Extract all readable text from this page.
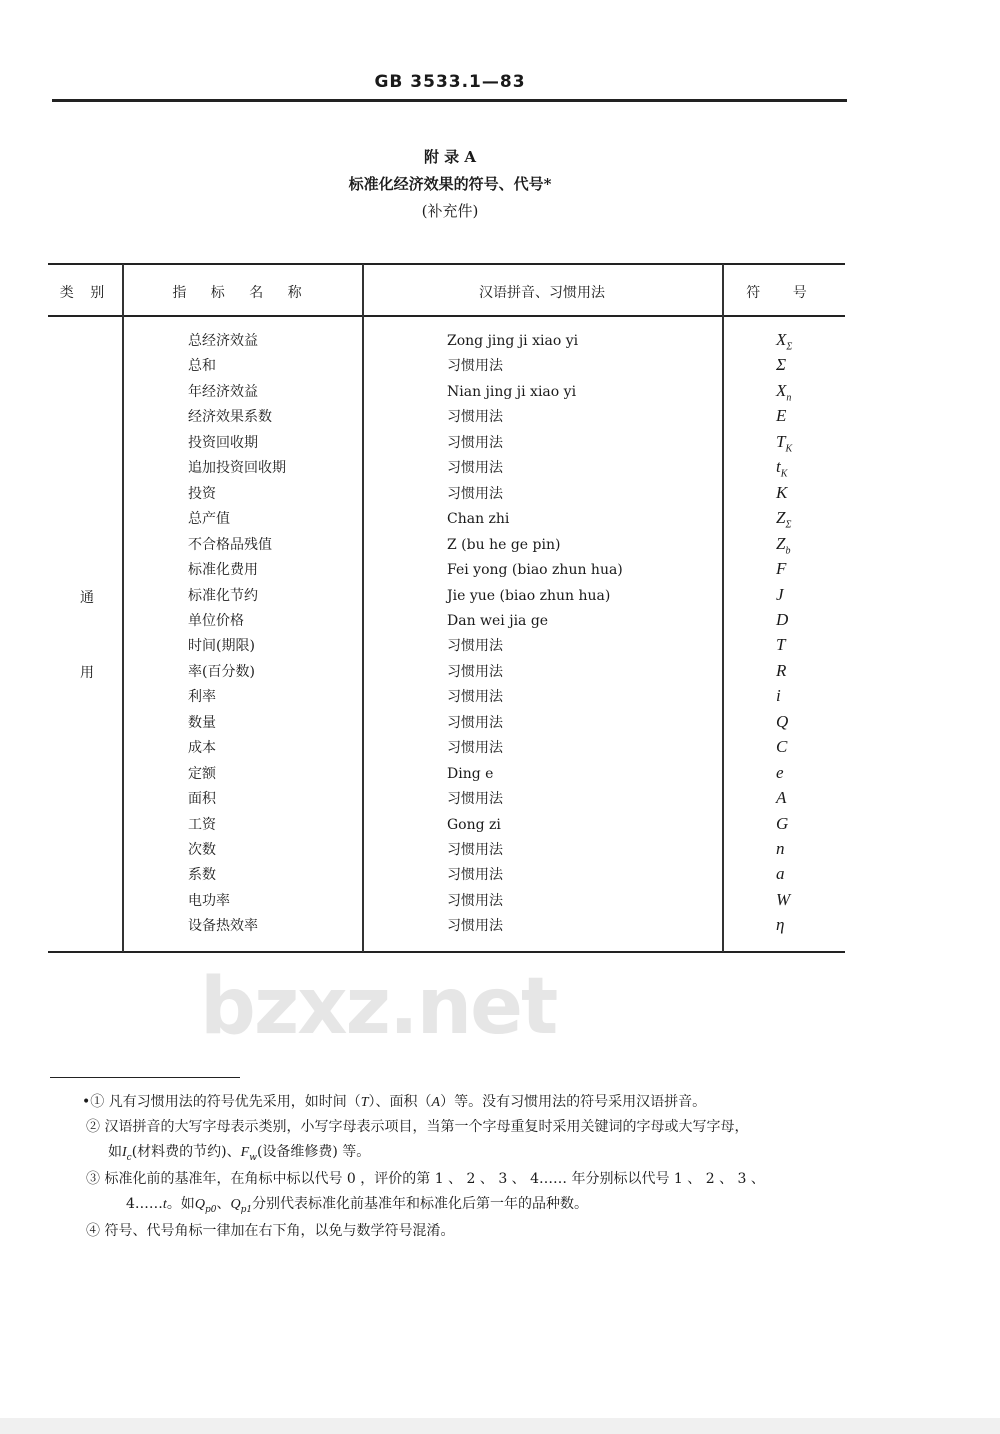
GB 3533.1—83
bzxz.net
附 录 A
标准化经济效果的符号、代号*
(补充件)
类 别	指 标 名 称	汉语拼音、习惯用法	符 号
通
用
总经济效益	Zong jing ji xiao yi	$X_\Sigma$
总和	习惯用法	Σ
年经济效益	Nian jing ji xiao yi	$X_n$
经济效果系数	习惯用法	E
投资回收期	习惯用法	$T_K$
追加投资回收期	习惯用法	$t_K$
投资	习惯用法	K
总产值	Chan zhi	$Z_\Sigma$
不合格品残值	Z (bu he ge pin)	$Z_b$
标准化费用	Fei yong (biao zhun hua)	F
标准化节约	Jie yue (biao zhun hua)	J
单位价格	Dan wei jia ge	D
时间(期限)	习惯用法	T
率(百分数)	习惯用法	R
利率	习惯用法	i
数量	习惯用法	Q
成本	习惯用法	C
定额	Ding e	e
面积	习惯用法	A
工资	Gong zi	G
次数	习惯用法	n
系数	习惯用法	a
电功率	习惯用法	W
设备热效率	习惯用法	η
•① 凡有习惯用法的符号优先采用，如时间（T）、面积（A）等。没有习惯用法的符号采用汉语拼音。
② 汉语拼音的大写字母表示类别，小写字母表示项目，当第一个字母重复时采用关键词的字母或大写字母，
如$I_c$(材料费的节约)、$F_w$(设备维修费) 等。
③ 标准化前的基准年，在角标中标以代号 0 ，评价的第 1 、 2 、 3 、 4…… 年分别标以代号 1 、 2 、 3 、
4……t。如$Q_{p0}$、$Q_{p1}$分别代表标准化前基准年和标准化后第一年的品种数。
④ 符号、代号角标一律加在右下角，以免与数学符号混淆。
